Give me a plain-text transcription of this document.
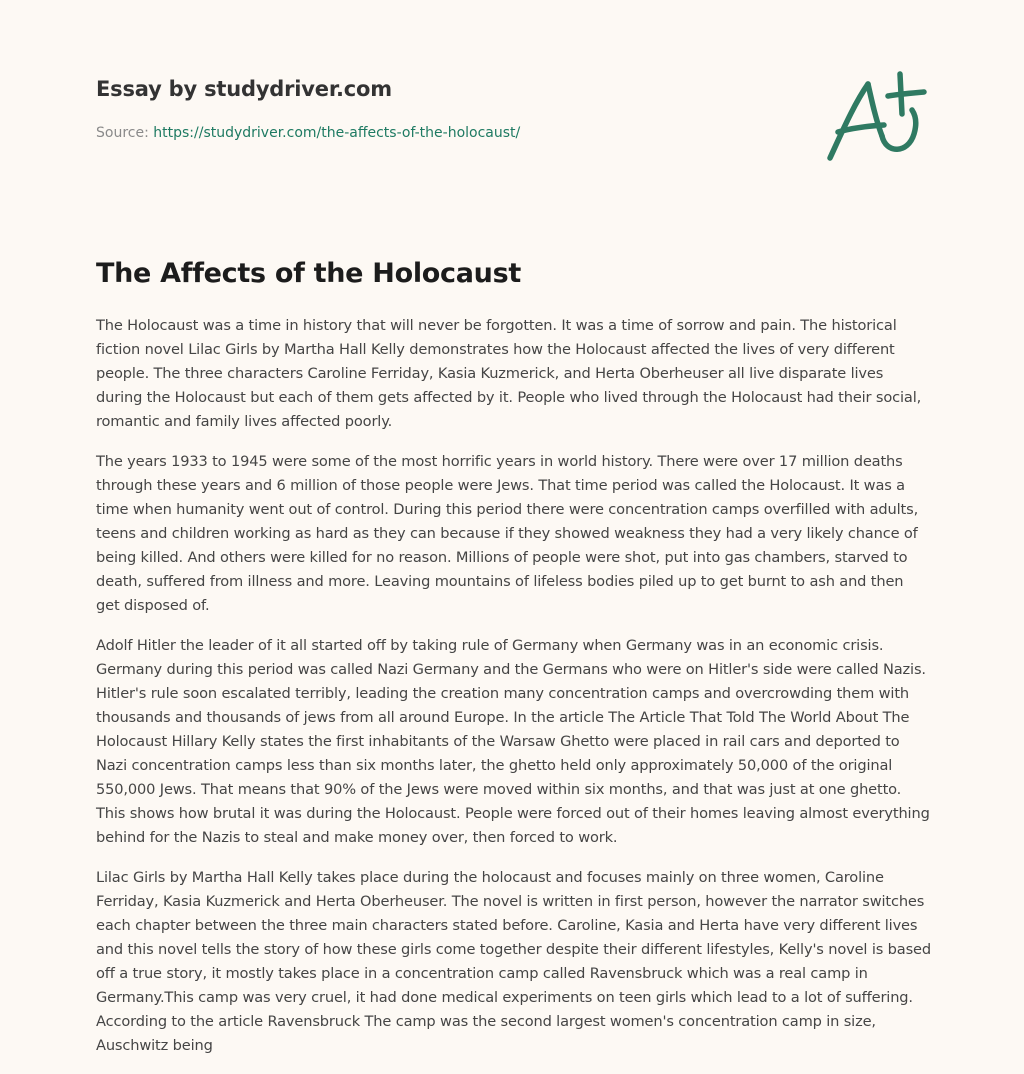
Essay by studydriver.com
Source: https://studydriver.com/the-affects-of-the-holocaust/
The Affects of the Holocaust

The Holocaust was a time in history that will never be forgotten. It was a time of sorrow and pain. The historical fiction novel Lilac Girls by Martha Hall Kelly demonstrates how the Holocaust affected the lives of very different people. The three characters Caroline Ferriday, Kasia Kuzmerick, and Herta Oberheuser all live disparate lives during the Holocaust but each of them gets affected by it. People who lived through the Holocaust had their social, romantic and family lives affected poorly.

The years 1933 to 1945 were some of the most horrific years in world history. There were over 17 million deaths through these years and 6 million of those people were Jews. That time period was called the Holocaust. It was a time when humanity went out of control. During this period there were concentration camps overfilled with adults, teens and children working as hard as they can because if they showed weakness they had a very likely chance of being killed. And others were killed for no reason. Millions of people were shot, put into gas chambers, starved to death, suffered from illness and more. Leaving mountains of lifeless bodies piled up to get burnt to ash and then get disposed of.

Adolf Hitler the leader of it all started off by taking rule of Germany when Germany was in an economic crisis. Germany during this period was called Nazi Germany and the Germans who were on Hitler's side were called Nazis. Hitler's rule soon escalated terribly, leading the creation many concentration camps and overcrowding them with thousands and thousands of jews from all around Europe. In the article The Article That Told The World About The Holocaust Hillary Kelly states the first inhabitants of the Warsaw Ghetto were placed in rail cars and deported to Nazi concentration camps less than six months later, the ghetto held only approximately 50,000 of the original 550,000 Jews. That means that 90% of the Jews were moved within six months, and that was just at one ghetto. This shows how brutal it was during the Holocaust. People were forced out of their homes leaving almost everything behind for the Nazis to steal and make money over, then forced to work.

Lilac Girls by Martha Hall Kelly takes place during the holocaust and focuses mainly on three women, Caroline Ferriday, Kasia Kuzmerick and Herta Oberheuser. The novel is written in first person, however the narrator switches each chapter between the three main characters stated before. Caroline, Kasia and Herta have very different lives and this novel tells the story of how these girls come together despite their different lifestyles, Kelly's novel is based off a true story, it mostly takes place in a concentration camp called Ravensbruck which was a real camp in Germany.This camp was very cruel, it had done medical experiments on teen girls which lead to a lot of suffering. According to the article Ravensbruck The camp was the second largest women's concentration camp in size, Auschwitz being
